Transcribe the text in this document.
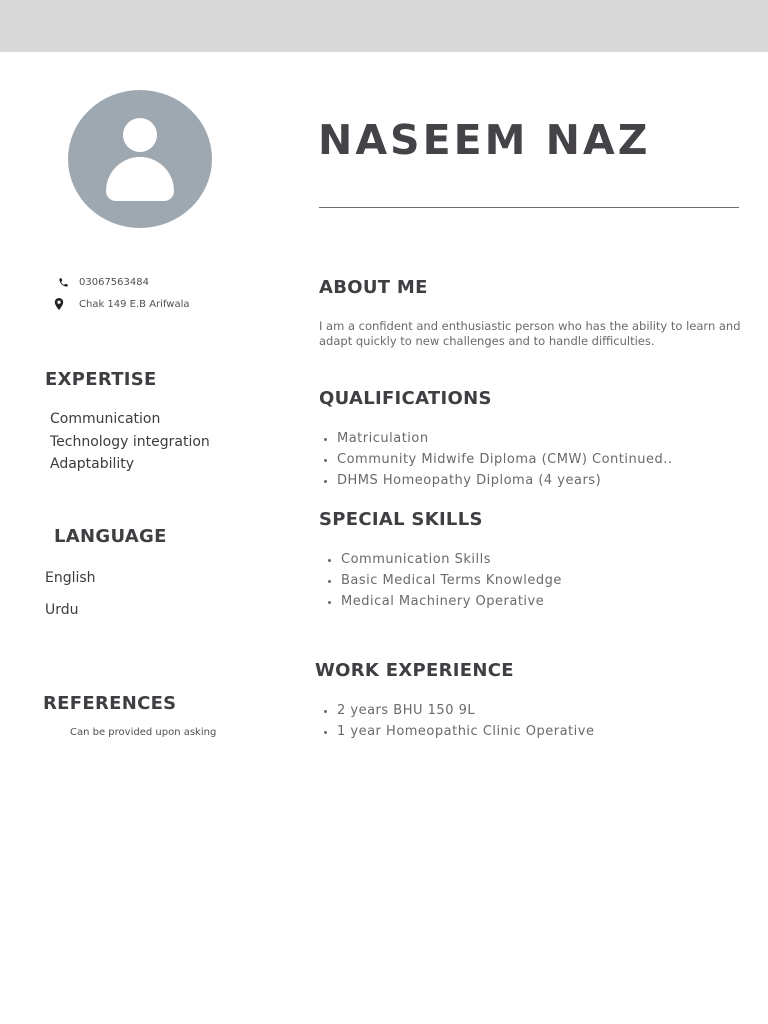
NASEEM NAZ
03067563484
Chak 149 E.B Arifwala
EXPERTISE
Communication
Technology integration
Adaptability
LANGUAGE
English
Urdu
REFERENCES

Can be provided upon asking

ABOUT ME

I am a confident and enthusiastic person who has the ability to learn and adapt quickly to new challenges and to handle difficulties.

QUALIFICATIONS
• Matriculation
• Community Midwife Diploma (CMW) Continued..
• DHMS Homeopathy Diploma (4 years)
SPECIAL SKILLS
• Communication Skills
• Basic Medical Terms Knowledge
• Medical Machinery Operative
WORK EXPERIENCE
• 2 years BHU 150 9L
• 1 year Homeopathic Clinic Operative
